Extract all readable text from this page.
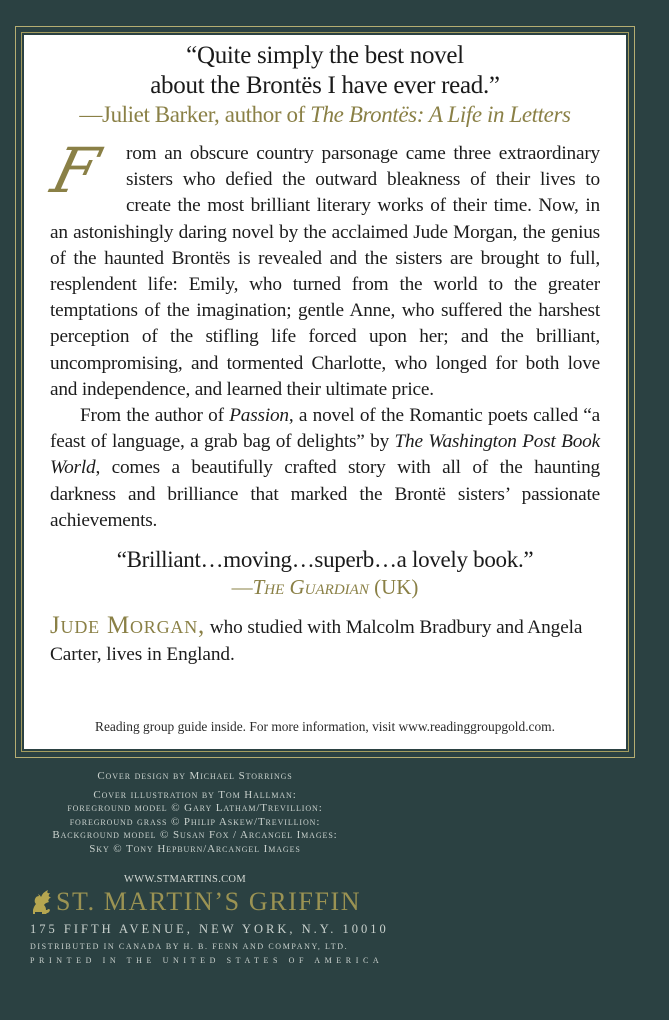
“Quite simply the best novel
about the Brontës I have ever read.”
—Juliet Barker, author of The Brontës: A Life in Letters

F	rom an obscure country parsonage came three extraordinary sisters who defied the outward bleakness of their lives to create the most brilliant literary works of their time. Now, in an astonishingly daring novel by the acclaimed Jude Morgan, the genius of the haunted Brontës is revealed and the sisters are brought to full, resplendent life: Emily, who turned from the world to the greater temptations of the imagination; gentle Anne, who suffered the harshest perception of the stifling life forced upon her; and the brilliant, uncompromising, and tormented Charlotte, who longed for both love and independence, and learned their ultimate price.

From the author of Passion, a novel of the Romantic poets called “a feast of language, a grab bag of delights” by The Washington Post Book World, comes a beautifully crafted story with all of the haunting darkness and brilliance that marked the Brontë sisters’ passionate achievements.

“Brilliant…moving…superb…a lovely book.”
—The Guardian (UK)
Jude Morgan, who studied with Malcolm Bradbury and Angela Carter, lives in England.
Reading group guide inside. For more information, visit www.readinggroupgold.com.
Cover design by Michael Storrings
Cover illustration by Tom Hallman:
foreground model © Gary Latham/Trevillion:
foreground grass © Philip Askew/Trevillion:
Background model © Susan Fox / Arcangel Images:
Sky © Tony Hepburn/Arcangel Images
WWW.STMARTINS.COM
ST. MARTIN’S GRIFFIN
175 FIFTH AVENUE, NEW YORK, N.Y. 10010
DISTRIBUTED IN CANADA BY H. B. FENN AND COMPANY, LTD.
PRINTED IN THE UNITED STATES OF AMERICA
